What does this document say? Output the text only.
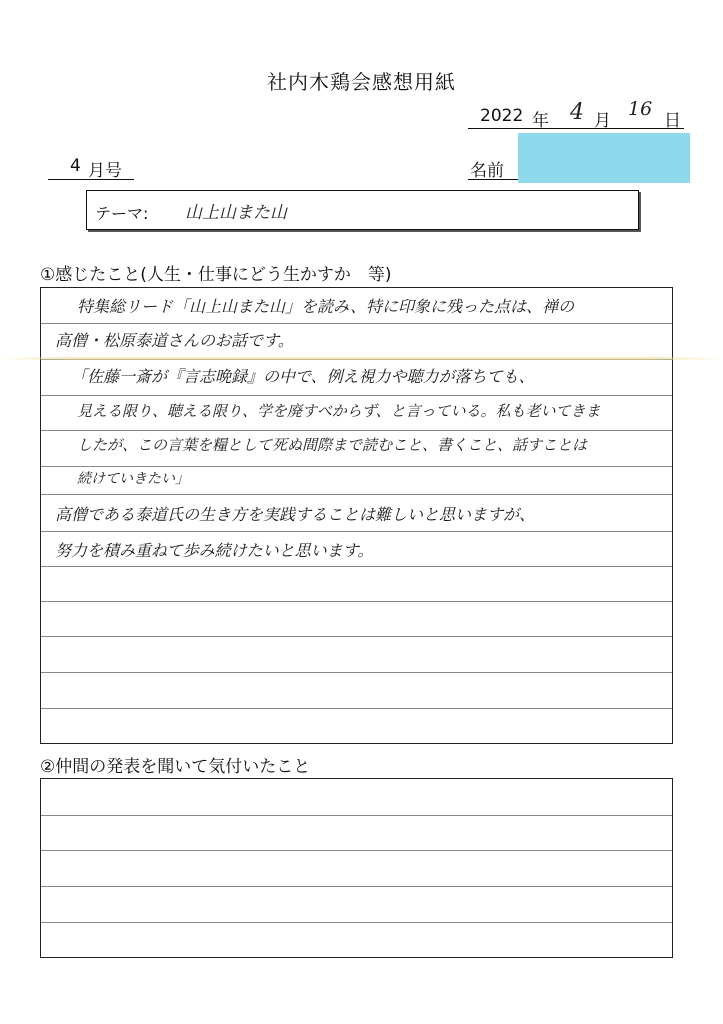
社内木鶏会感想用紙
2022 年 4 月
16
日
4 月号	名前
テーマ: 山上山また山
①感じたこと(人生・仕事にどう生かすか　等)
特集総リード「山上山また山」を読み、特に印象に残った点は、禅の
高僧・松原泰道さんのお話です。
「佐藤一斎が『言志晩録』の中で、例え視力や聴力が落ちても、
見える限り、聴える限り、学を廃すべからず、と言っている。私も老いてきま
したが、この言葉を糧として死ぬ間際まで読むこと、書くこと、話すことは
続けていきたい」
高僧である泰道氏の生き方を実践することは難しいと思いますが、
努力を積み重ねて歩み続けたいと思います。
②仲間の発表を聞いて気付いたこと
